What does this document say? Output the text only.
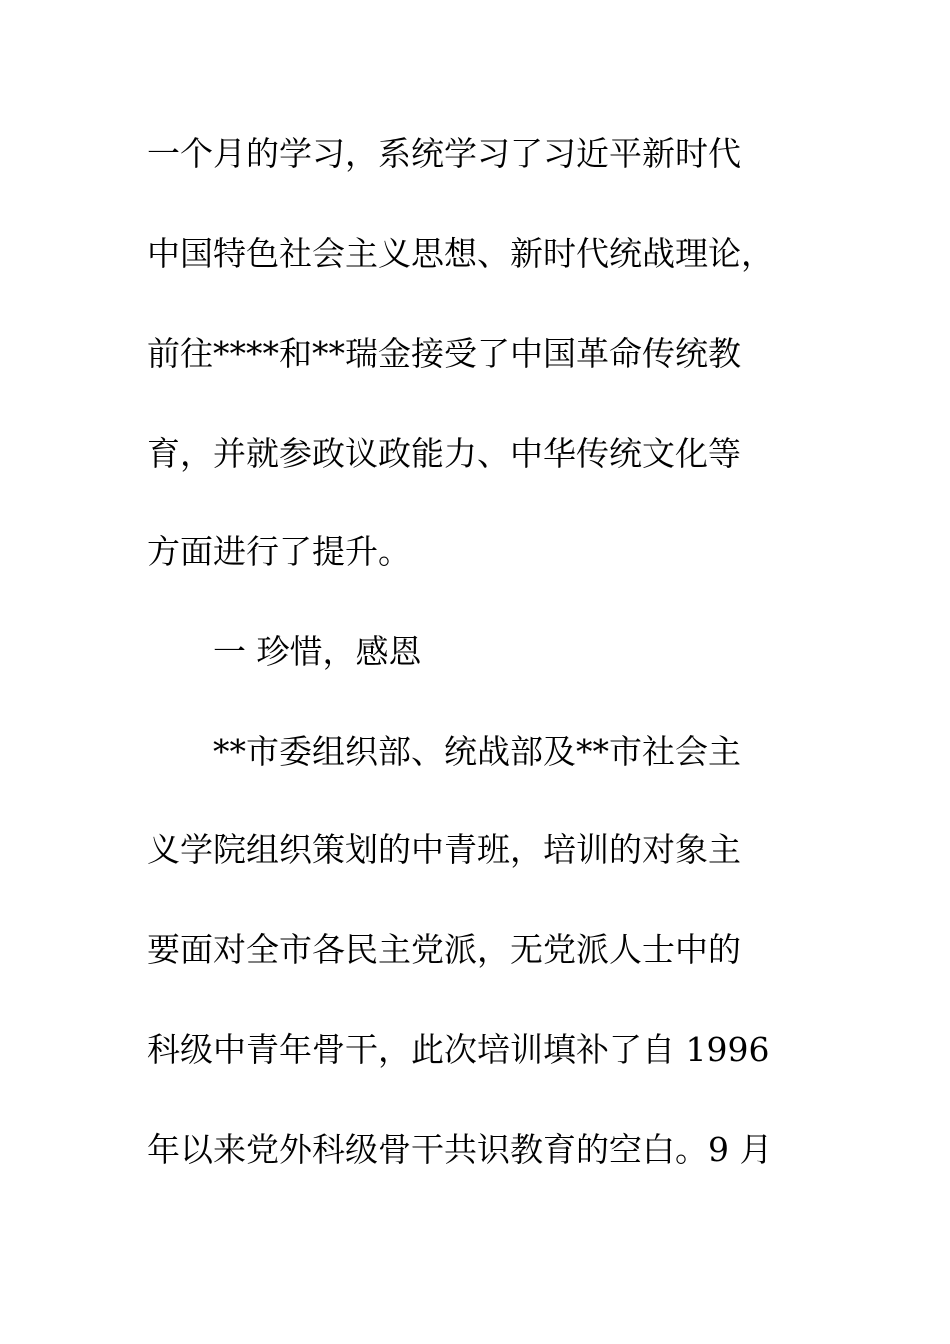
一个月的学习，系统学习了习近平新时代
中国特色社会主义思想、新时代统战理论，
前往****和**瑞金接受了中国革命传统教
育，并就参政议政能力、中华传统文化等
方面进行了提升。
一 珍惜，感恩
**市委组织部、统战部及**市社会主
义学院组织策划的中青班，培训的对象主
要面对全市各民主党派，无党派人士中的
科级中青年骨干，此次培训填补了自 1996
年以来党外科级骨干共识教育的空白。9 月
